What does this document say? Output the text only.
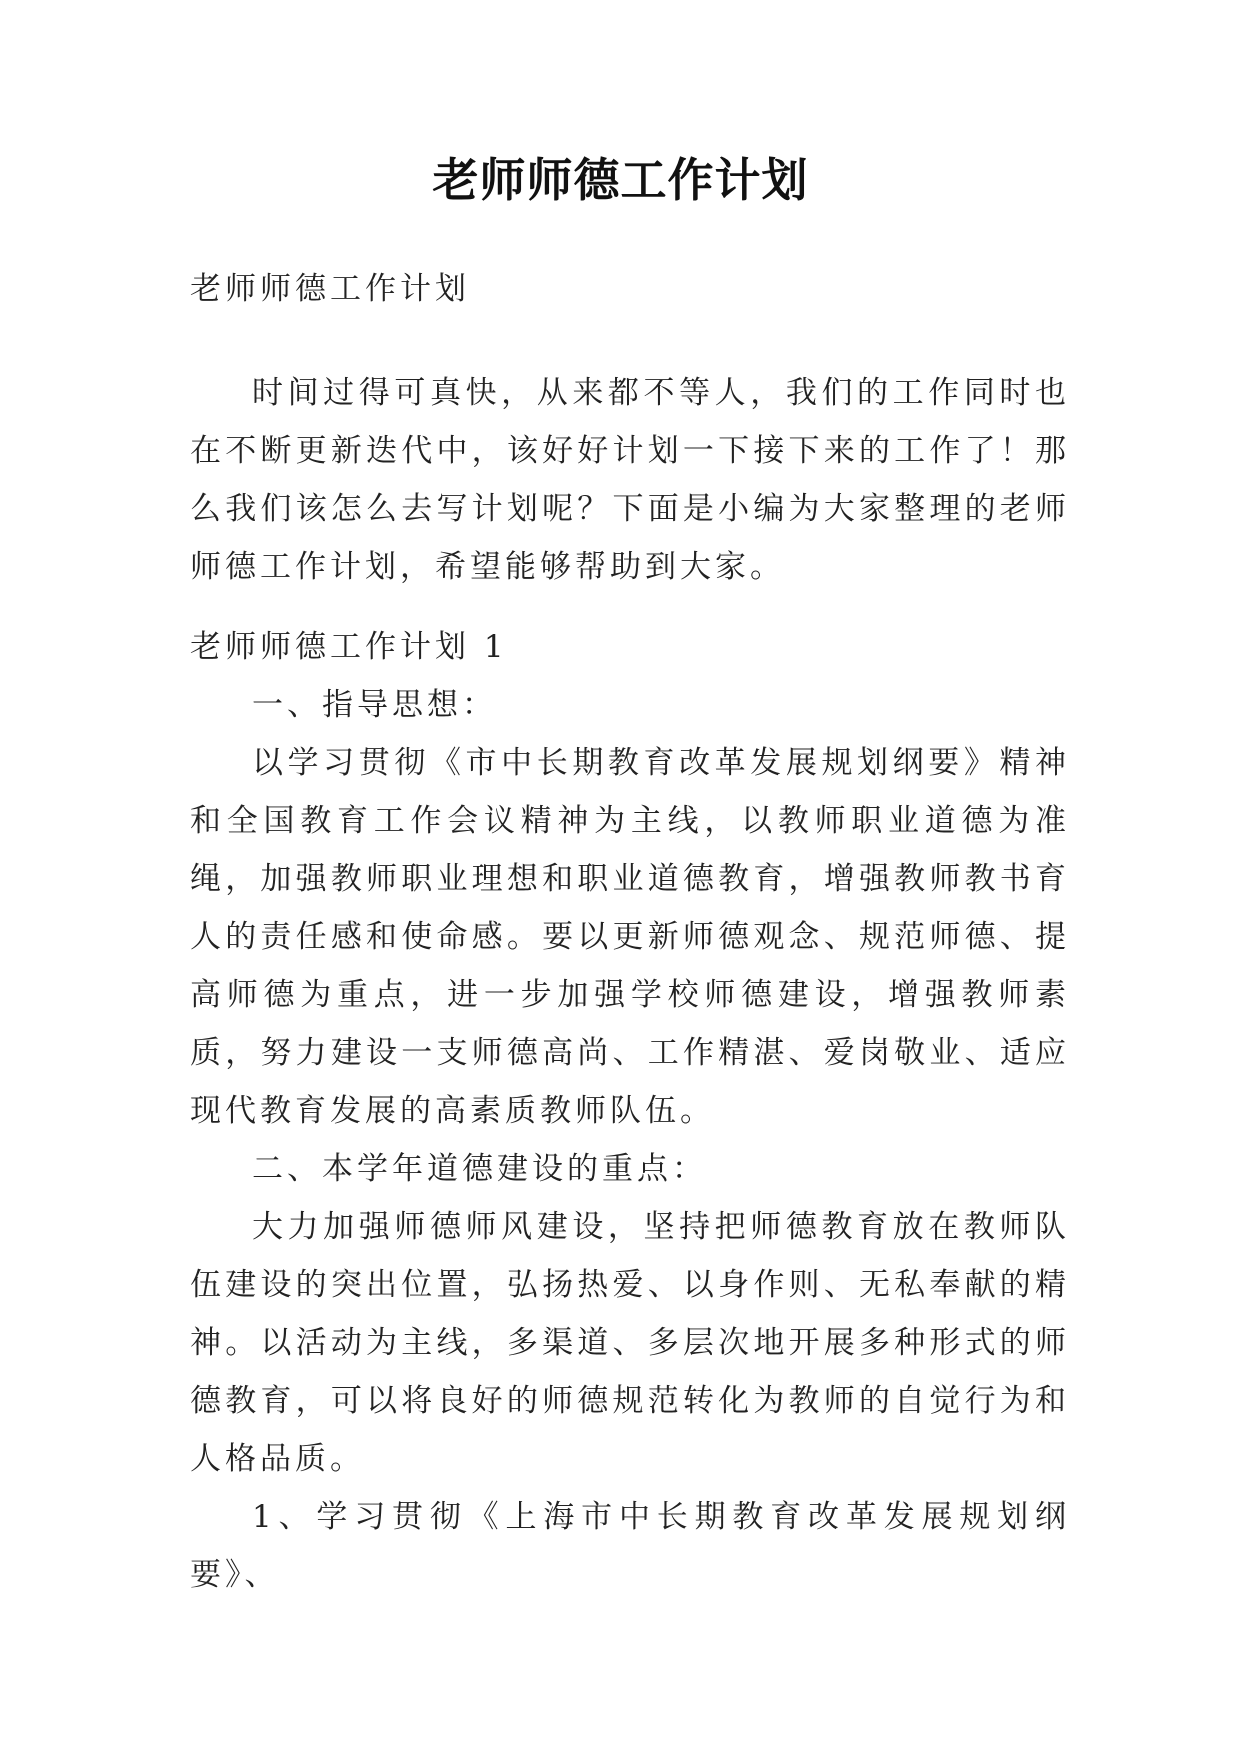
老师师德工作计划

老师师德工作计划

时间过得可真快，从来都不等人，我们的工作同时也在不断更新迭代中，该好好计划一下接下来的工作了！那么我们该怎么去写计划呢？下面是小编为大家整理的老师师德工作计划，希望能够帮助到大家。

老师师德工作计划 1

一、指导思想：

以学习贯彻《市中长期教育改革发展规划纲要》精神和全国教育工作会议精神为主线，以教师职业道德为准绳，加强教师职业理想和职业道德教育，增强教师教书育人的责任感和使命感。要以更新师德观念、规范师德、提高师德为重点，进一步加强学校师德建设，增强教师素质，努力建设一支师德高尚、工作精湛、爱岗敬业、适应现代教育发展的高素质教师队伍。

二、本学年道德建设的重点：

大力加强师德师风建设，坚持把师德教育放在教师队伍建设的突出位置，弘扬热爱、以身作则、无私奉献的精神。以活动为主线，多渠道、多层次地开展多种形式的师德教育，可以将良好的师德规范转化为教师的自觉行为和人格品质。

1、学习贯彻《上海市中长期教育改革发展规划纲要》、
